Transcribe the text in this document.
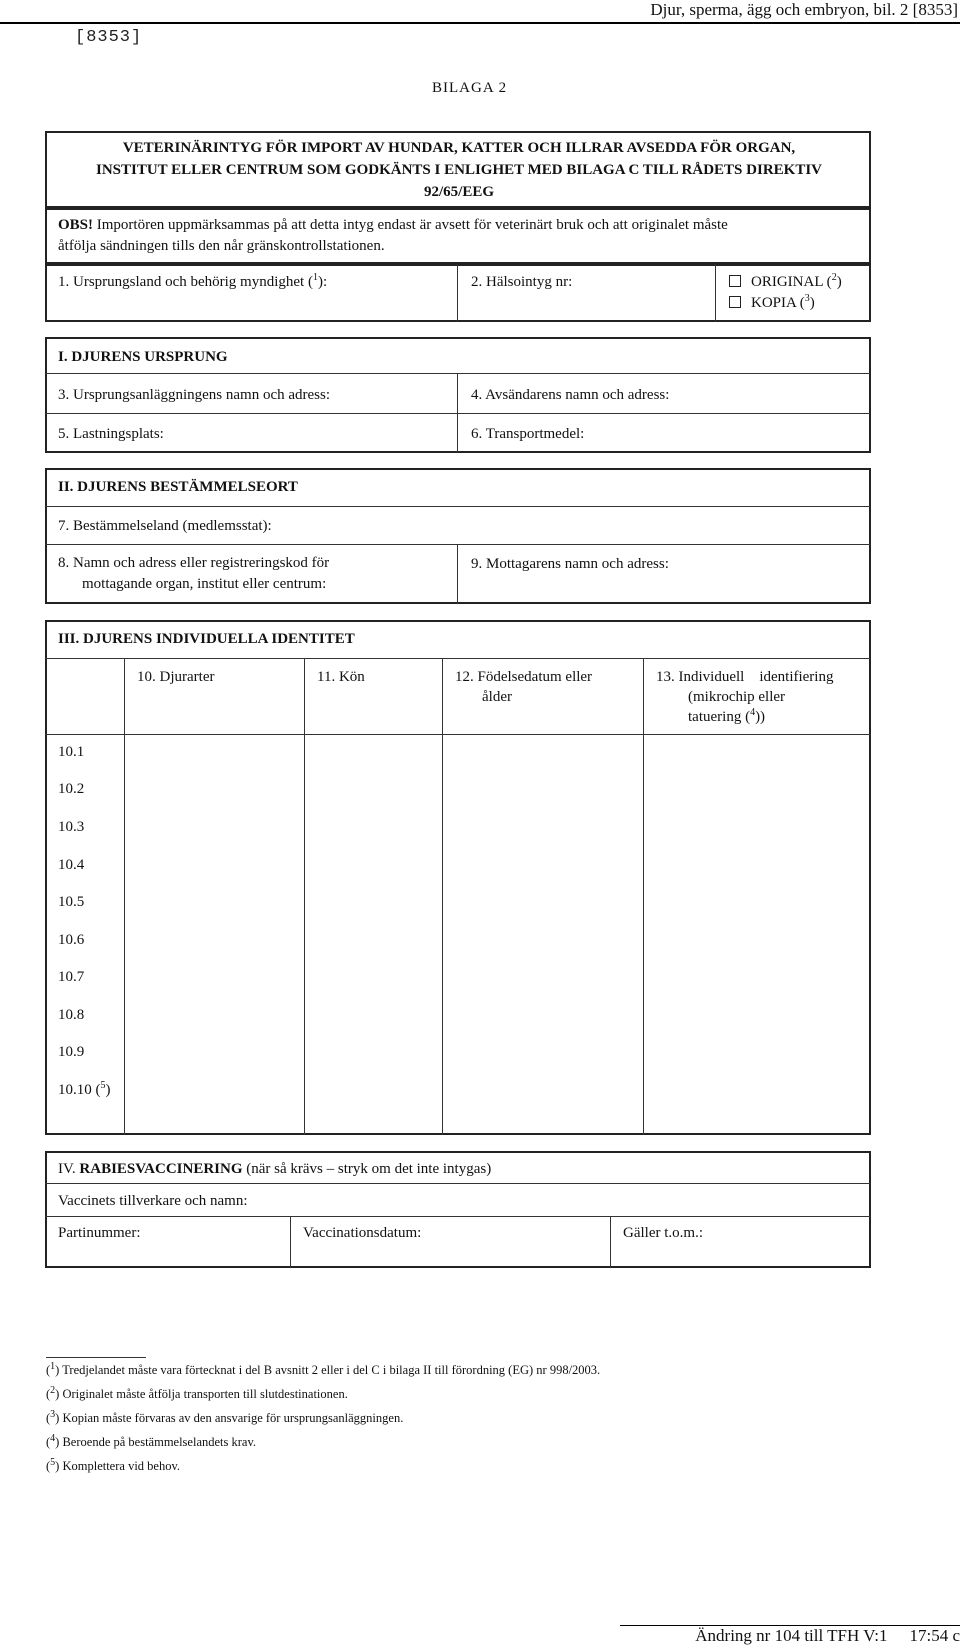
Djur, sperma, ägg och embryon, bil. 2 [8353]
[8353]
BILAGA 2
VETERINÄRINTYG FÖR IMPORT AV HUNDAR, KATTER OCH ILLRAR AVSEDDA FÖR ORGAN,
INSTITUT ELLER CENTRUM SOM GODKÄNTS I ENLIGHET MED BILAGA C TILL RÅDETS DIREKTIV
92/65/EEG
OBS! Importören uppmärksammas på att detta intyg endast är avsett för veterinärt bruk och att originalet måste
åtfölja sändningen tills den når gränskontrollstationen.
1. Ursprungsland och behörig myndighet ($^1$):	2. Hälsointyg nr:	ORIGINAL ($^2$)
KOPIA ($^3$)
I. DJURENS URSPRUNG
3. Ursprungsanläggningens namn och adress:	4. Avsändarens namn och adress:
5. Lastningsplats:	6. Transportmedel:
II. DJURENS BESTÄMMELSEORT
7. Bestämmelseland (medlemsstat):
8. Namn och adress eller registreringskod för
mottagande organ, institut eller centrum:
9. Mottagarens namn och adress:
III. DJURENS INDIVIDUELLA IDENTITET
10. Djurarter	11. Kön	12. Födelsedatum eller
ålder
13. Individuell    identifiering
(mikrochip eller
tatuering ($^4$))
10.1
10.2
10.3
10.4
10.5
10.6
10.7
10.8
10.9
10.10 ($^5$)
IV. RABIESVACCINERING (när så krävs – stryk om det inte intygas)
Vaccinets tillverkare och namn:
Partinummer:	Vaccinationsdatum:	Gäller t.o.m.:
($^1$) Tredjelandet måste vara förtecknat i del B avsnitt 2 eller i del C i bilaga II till förordning (EG) nr 998/2003.
($^2$) Originalet måste åtfölja transporten till slutdestinationen.
($^3$) Kopian måste förvaras av den ansvarige för ursprungsanläggningen.
($^4$) Beroende på bestämmelselandets krav.
($^5$) Komplettera vid behov.
Ändring nr 104 till TFH V:1 17:54 c
